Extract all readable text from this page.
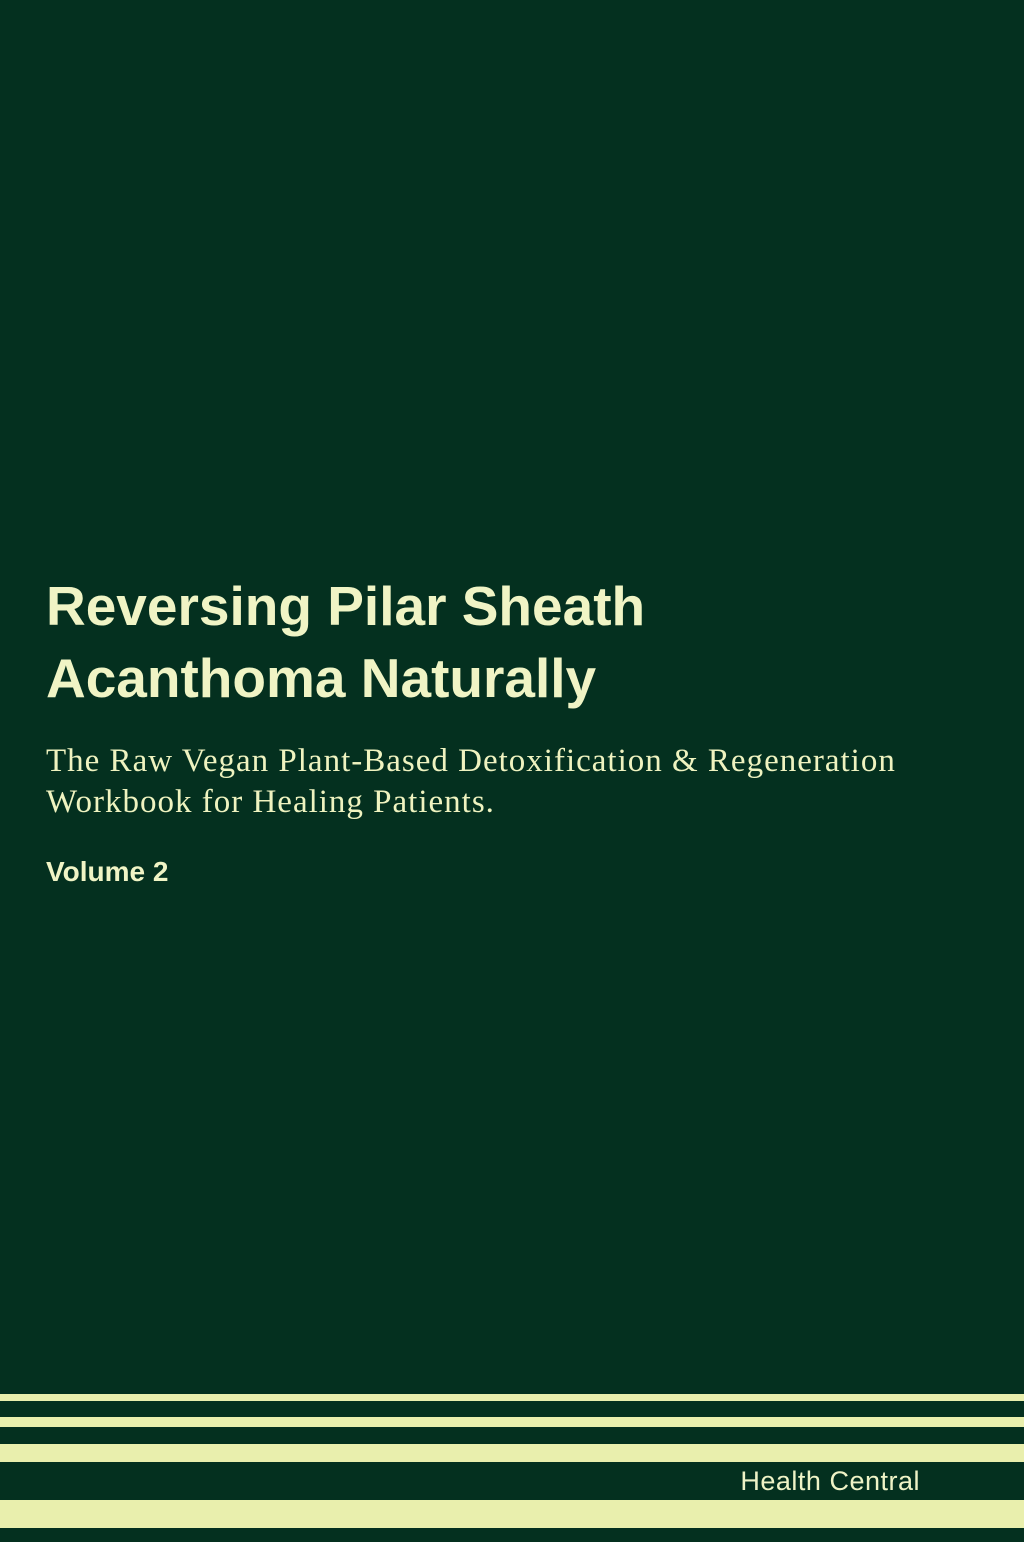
Reversing Pilar Sheath Acanthoma Naturally
The Raw Vegan Plant-Based Detoxification & Regeneration Workbook for Healing Patients.
Volume 2
Health Central
